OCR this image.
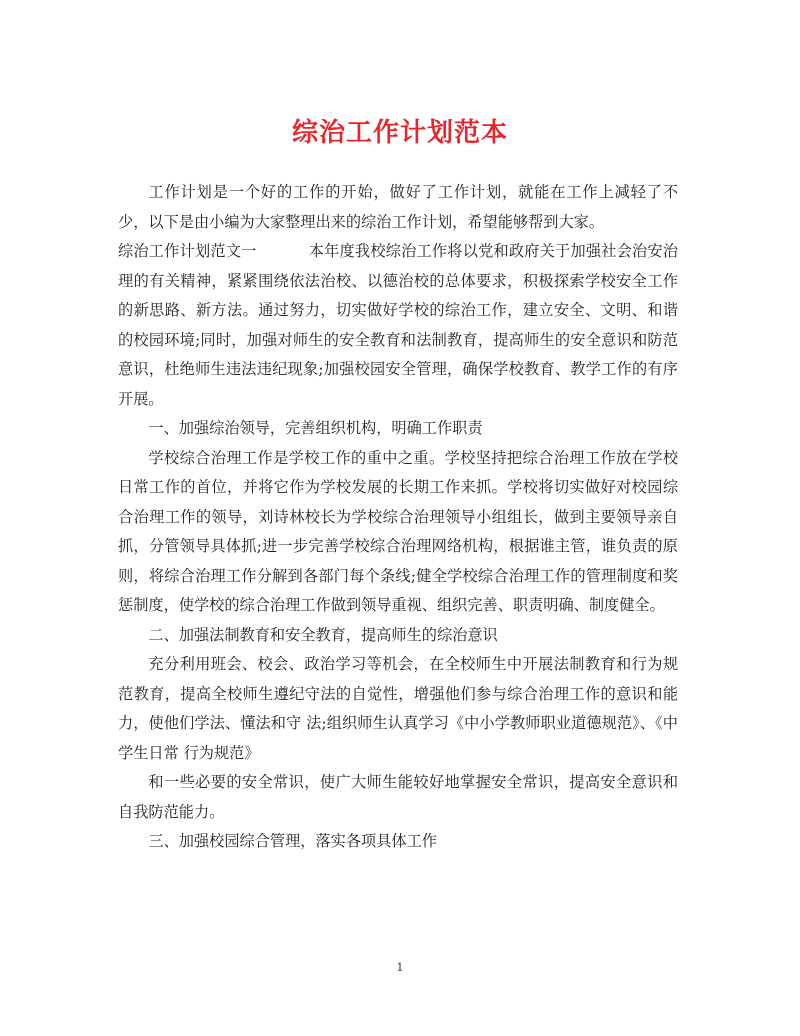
综治工作计划范本

工作计划是一个好的工作的开始，做好了工作计划，就能在工作上减轻了不少，以下是由小编为大家整理出来的综治工作计划，希望能够帮到大家。

综治工作计划范文一	本年度我校综治工作将以党和政府关于加强社会治安治理的有关精神，紧紧围绕依法治校、以德治校的总体要求，积极探索学校安全工作的新思路、新方法。通过努力，切实做好学校的综治工作，建立安全、文明、和谐的校园环境;同时，加强对师生的安全教育和法制教育，提高师生的安全意识和防范意识，杜绝师生违法违纪现象;加强校园安全管理，确保学校教育、教学工作的有序开展。

一、加强综治领导，完善组织机构，明确工作职责

学校综合治理工作是学校工作的重中之重。学校坚持把综合治理工作放在学校日常工作的首位，并将它作为学校发展的长期工作来抓。学校将切实做好对校园综合治理工作的领导，刘诗林校长为学校综合治理领导小组组长，做到主要领导亲自抓，分管领导具体抓;进一步完善学校综合治理网络机构，根据谁主管，谁负责的原则，将综合治理工作分解到各部门每个条线;健全学校综合治理工作的管理制度和奖惩制度，使学校的综合治理工作做到领导重视、组织完善、职责明确、制度健全。

二、加强法制教育和安全教育，提高师生的综治意识

充分利用班会、校会、政治学习等机会，在全校师生中开展法制教育和行为规范教育，提高全校师生遵纪守法的自觉性，增强他们参与综合治理工作的意识和能力，使他们学法、懂法和守 法;组织师生认真学习《中小学教师职业道德规范》、《中学生日常 行为规范》

和一些必要的安全常识，使广大师生能较好地掌握安全常识，提高安全意识和自我防范能力。

三、加强校园综合管理，落实各项具体工作

1
